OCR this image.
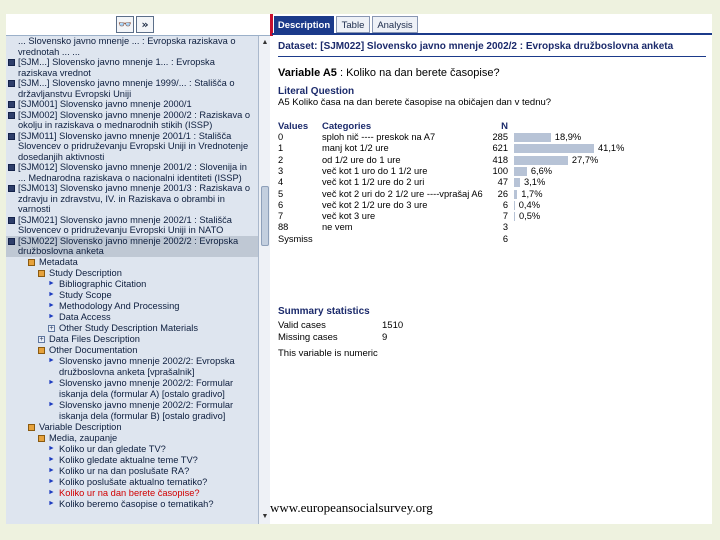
👓 »
... Slovensko javno mnenje ... : Evropska raziskava o vrednotah ... ...
[SJM...] Slovensko javno mnenje 1... : Evropska raziskava vrednot
[SJM...] Slovensko javno mnenje 1999/... : Stališča o državljanstvu Evropski Uniji
[SJM001] Slovensko javno mnenje 2000/1
[SJM002] Slovensko javno mnenje 2000/2 : Raziskava o okolju in raziskava o mednarodnih stikih (ISSP)
[SJM011] Slovensko javno mnenje 2001/1 : Stališča Slovencev o pridruževanju Evropski Uniji in Vrednotenje dosedanjih aktivnosti
[SJM012] Slovensko javno mnenje 2001/2 : Slovenija in ... Mednarodna raziskava o nacionalni identiteti (ISSP)
[SJM013] Slovensko javno mnenje 2001/3 : Raziskava o zdravju in zdravstvu, IV. in Raziskava o obrambi in varnosti
[SJM021] Slovensko javno mnenje 2002/1 : Stališča Slovencev o pridruževanju Evropski Uniji in NATO
[SJM022] Slovensko javno mnenje 2002/2 : Evropska družboslovna anketa
Metadata
Study Description
► Bibliographic Citation
► Study Scope
► Methodology And Processing
► Data Access
+ Other Study Description Materials
+ Data Files Description
Other Documentation
► Slovensko javno mnenje 2002/2: Evropska
družboslovna anketa [vprašalnik]
► Slovensko javno mnenje 2002/2: Formular
iskanja dela (formular A) [ostalo gradivo]
► Slovensko javno mnenje 2002/2: Formular
iskanja dela (formular B) [ostalo gradivo]
Variable Description
Media, zaupanje
► Koliko ur dan gledate TV?
► Koliko gledate aktualne teme TV?
► Koliko ur na dan poslušate RA?
► Koliko poslušate aktualno tematiko?
► Koliko ur na dan berete časopise?
► Koliko beremo časopise o tematikah?
▲
▼
Description	Table	Analysis
Dataset: [SJM022] Slovensko javno mnenje 2002/2 : Evropska družboslovna anketa
Variable A5 : Koliko na dan berete časopise?
Literal Question
A5 Koliko časa na dan berete časopise na običajen dan v tednu?
Values Categories	N
0	sploh nič ---- preskok na A7	285	18,9%
1	manj kot 1/2 ure	621	41,1%
2	od 1/2 ure do 1 ure	418	27,7%
3	več kot 1 uro do 1 1/2 ure	100 6,6%
4	več kot 1 1/2 ure do 2 uri	47 3,1%
5	več kot 2 uri do 2 1/2 ure ----vprašaj A6	26 1,7%
6	več kot 2 1/2 ure do 3 ure	6 0,4%
7	več kot 3 ure	7 0,5%
88	ne vem	3
Sysmiss	6
Summary statistics
Valid cases	1510
Missing cases	9
This variable is numeric
www.europeansocialsurvey.org
